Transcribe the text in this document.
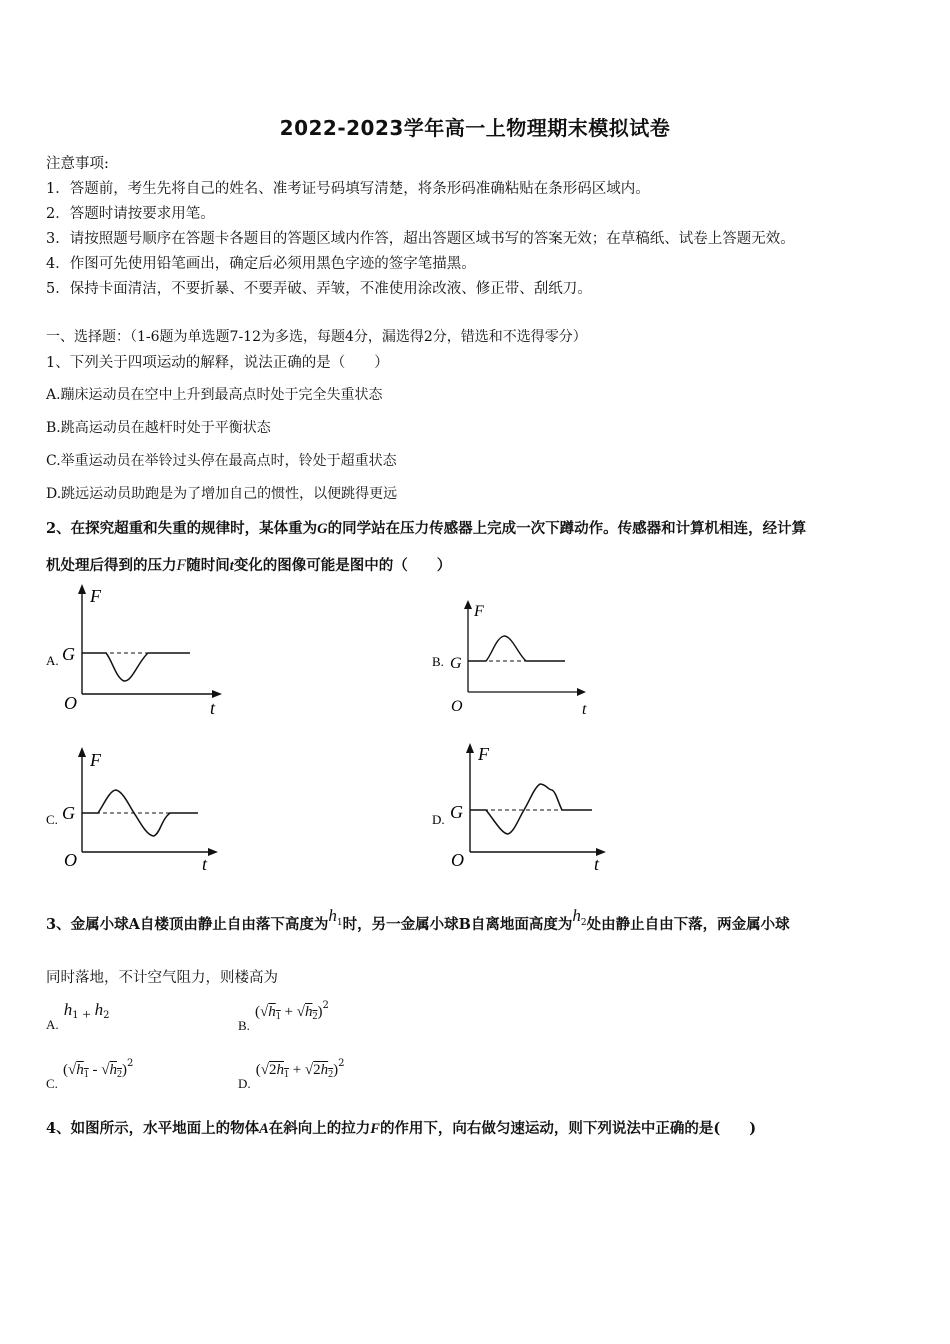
2022-2023学年高一上物理期末模拟试卷
注意事项:
1．答题前，考生先将自己的姓名、准考证号码填写清楚，将条形码准确粘贴在条形码区域内。
2．答题时请按要求用笔。
3．请按照题号顺序在答题卡各题目的答题区域内作答，超出答题区域书写的答案无效；在草稿纸、试卷上答题无效。
4．作图可先使用铅笔画出，确定后必须用黑色字迹的签字笔描黑。
5．保持卡面清洁，不要折暴、不要弄破、弄皱，不准使用涂改液、修正带、刮纸刀。
一、选择题：（1-6题为单选题7-12为多选，每题4分，漏选得2分，错选和不选得零分）
1、下列关于四项运动的解释，说法正确的是（　　）
A.蹦床运动员在空中上升到最高点时处于完全失重状态
B.跳高运动员在越杆时处于平衡状态
C.举重运动员在举铃过头停在最高点时，铃处于超重状态
D.跳远运动员助跑是为了增加自己的惯性，以便跳得更远
2、在探究超重和失重的规律时，某体重为G的同学站在压力传感器上完成一次下蹲动作。传感器和计算机相连，经计算
机处理后得到的压力F随时间t变化的图像可能是图中的（　　）
A.
F
G
O	t
B.
F
G
O	t
C.
F
G
O	t
D.
F
G
O	t
3、金属小球A自楼顶由静止自由落下高度为$h^1$时，另一金属小球B自离地面高度为$h^2$处由静止自由下落，两金属小球
同时落地，不计空气阻力，则楼高为
$_{A.}$ $h_1 + h_2$
$_{B.}$ $(√h_1 + √h_2)^2$
$_{C.}$ $(√h_1 - √h_2)^2$
$_{D.}$ $(√2h_1 + √2h_2)^2$
4、如图所示，水平地面上的物体A在斜向上的拉力F的作用下，向右做匀速运动，则下列说法中正确的是(　　)
